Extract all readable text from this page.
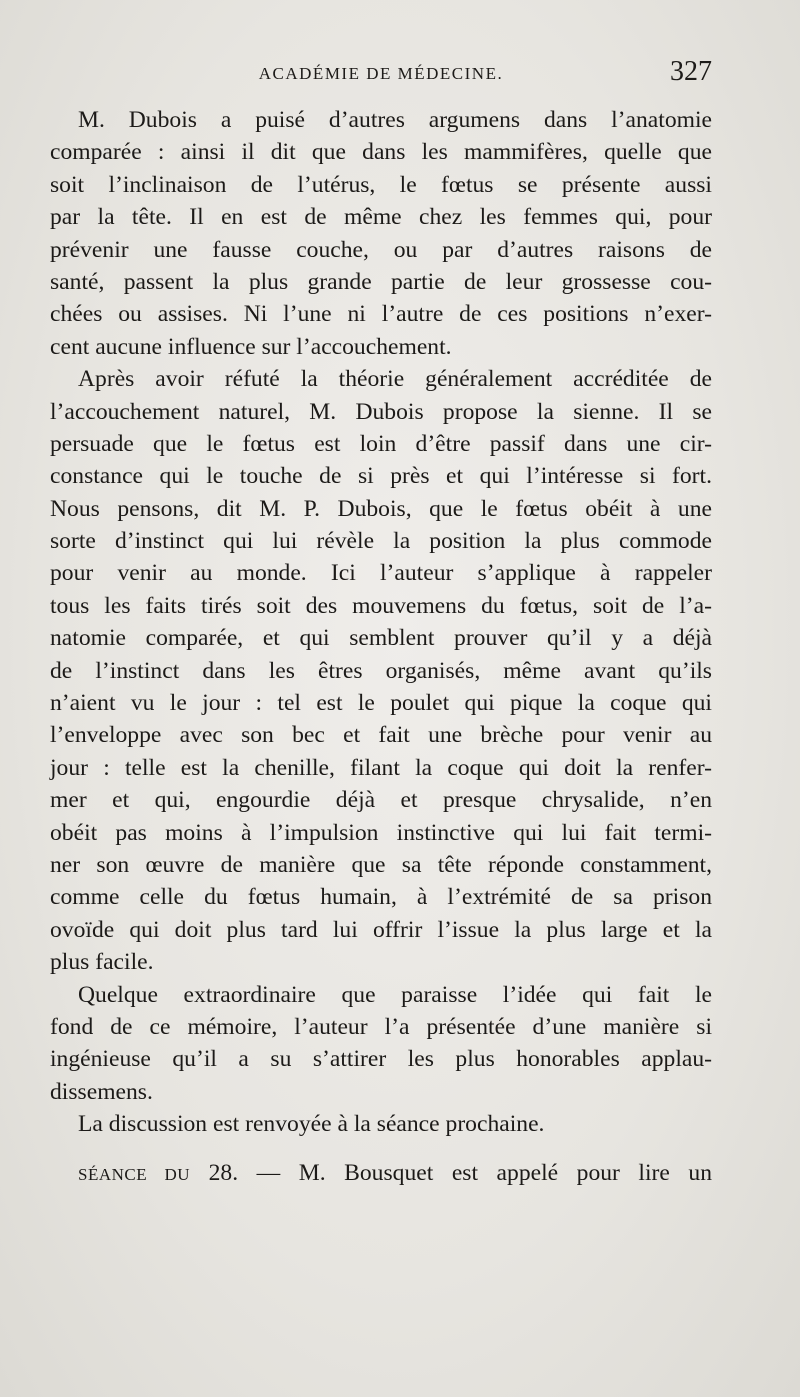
ACADÉMIE DE MÉDECINE.	327
M. Dubois a puisé d’autres argumens dans l’anatomie
comparée : ainsi il dit que dans les mammifères, quelle que
soit l’inclinaison de l’utérus, le fœtus se présente aussi
par la tête. Il en est de même chez les femmes qui, pour
prévenir une fausse couche, ou par d’autres raisons de
santé, passent la plus grande partie de leur grossesse cou-
chées ou assises. Ni l’une ni l’autre de ces positions n’exer-
cent aucune influence sur l’accouchement.
Après avoir réfuté la théorie généralement accréditée de
l’accouchement naturel, M. Dubois propose la sienne. Il se
persuade que le fœtus est loin d’être passif dans une cir-
constance qui le touche de si près et qui l’intéresse si fort.
Nous pensons, dit M. P. Dubois, que le fœtus obéit à une
sorte d’instinct qui lui révèle la position la plus commode
pour venir au monde. Ici l’auteur s’applique à rappeler
tous les faits tirés soit des mouvemens du fœtus, soit de l’a-
natomie comparée, et qui semblent prouver qu’il y a déjà
de l’instinct dans les êtres organisés, même avant qu’ils
n’aient vu le jour : tel est le poulet qui pique la coque qui
l’enveloppe avec son bec et fait une brèche pour venir au
jour : telle est la chenille, filant la coque qui doit la renfer-
mer et qui, engourdie déjà et presque chrysalide, n’en
obéit pas moins à l’impulsion instinctive qui lui fait termi-
ner son œuvre de manière que sa tête réponde constamment,
comme celle du fœtus humain, à l’extrémité de sa prison
ovoïde qui doit plus tard lui offrir l’issue la plus large et la
plus facile.
Quelque extraordinaire que paraisse l’idée qui fait le
fond de ce mémoire, l’auteur l’a présentée d’une manière si
ingénieuse qu’il a su s’attirer les plus honorables applau-
dissemens.
La discussion est renvoyée à la séance prochaine.
SÉANCE DU 28. — M. Bousquet est appelé pour lire un
